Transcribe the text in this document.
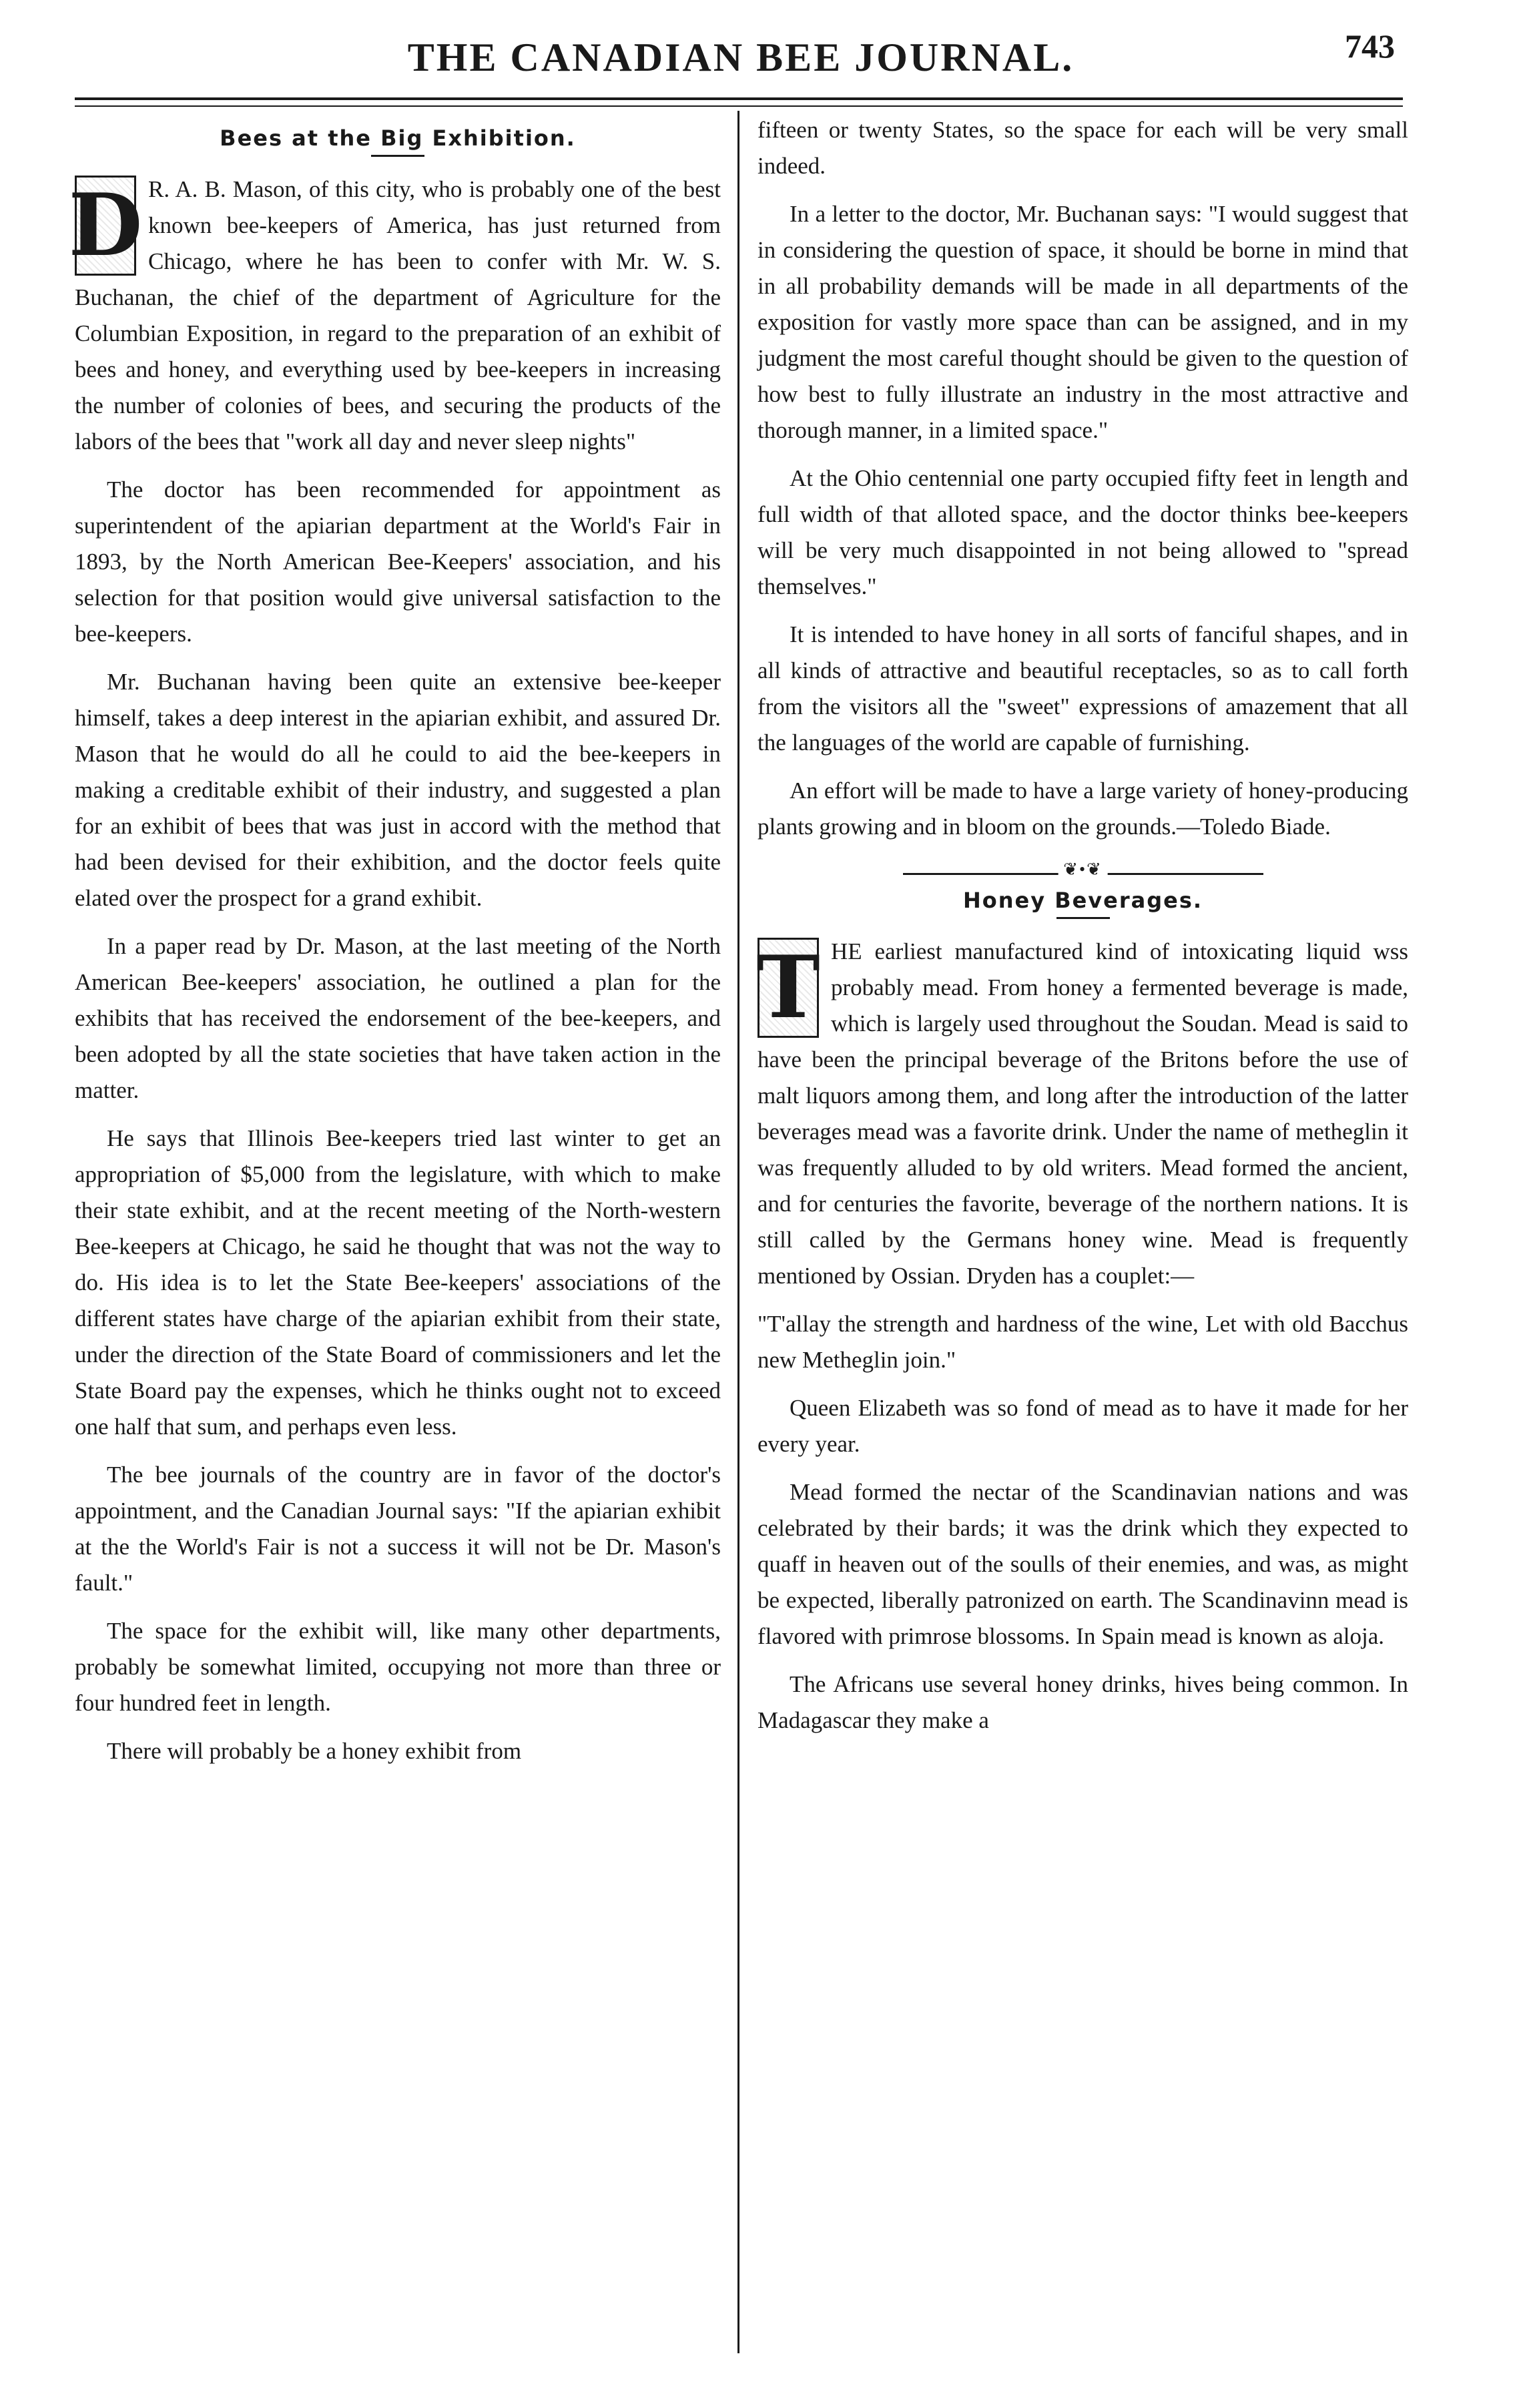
THE CANADIAN BEE JOURNAL.	743
Bees at the Big Exhibition.
D R. A. B. Mason, of this city, who is probably one of the best known bee-keepers of America, has just returned from Chicago, where he has been to confer with Mr. W. S. Buchanan, the chief of the department of Agriculture for the Columbian Exposition, in regard to the preparation of an exhibit of bees and honey, and everything used by bee-keepers in increasing the number of colonies of bees, and securing the products of the labors of the bees that "work all day and never sleep nights"

The doctor has been recommended for appointment as superintendent of the apiarian department at the World's Fair in 1893, by the North American Bee-Keepers' association, and his selection for that position would give universal satisfaction to the bee-keepers.

Mr. Buchanan having been quite an extensive bee-keeper himself, takes a deep interest in the apiarian exhibit, and assured Dr. Mason that he would do all he could to aid the bee-keepers in making a creditable exhibit of their industry, and suggested a plan for an exhibit of bees that was just in accord with the method that had been devised for their exhibition, and the doctor feels quite elated over the prospect for a grand exhibit.

In a paper read by Dr. Mason, at the last meeting of the North American Bee-keepers' association, he outlined a plan for the exhibits that has received the endorsement of the bee-keepers, and been adopted by all the state societies that have taken action in the matter.

He says that Illinois Bee-keepers tried last winter to get an appropriation of $5,000 from the legislature, with which to make their state exhibit, and at the recent meeting of the North-western Bee-keepers at Chicago, he said he thought that was not the way to do. His idea is to let the State Bee-keepers' associations of the different states have charge of the apiarian exhibit from their state, under the direction of the State Board of commissioners and let the State Board pay the expenses, which he thinks ought not to exceed one half that sum, and perhaps even less.

The bee journals of the country are in favor of the doctor's appointment, and the Canadian Journal says: "If the apiarian exhibit at the the World's Fair is not a success it will not be Dr. Mason's fault."

The space for the exhibit will, like many other departments, probably be somewhat limited, occupying not more than three or four hundred feet in length.

There will probably be a honey exhibit from

fifteen or twenty States, so the space for each will be very small indeed.

In a letter to the doctor, Mr. Buchanan says: "I would suggest that in considering the question of space, it should be borne in mind that in all probability demands will be made in all departments of the exposition for vastly more space than can be assigned, and in my judgment the most careful thought should be given to the question of how best to fully illustrate an industry in the most attractive and thorough manner, in a limited space."

At the Ohio centennial one party occupied fifty feet in length and full width of that alloted space, and the doctor thinks bee-keepers will be very much disappointed in not being allowed to "spread themselves."

It is intended to have honey in all sorts of fanciful shapes, and in all kinds of attractive and beautiful receptacles, so as to call forth from the visitors all the "sweet" expressions of amazement that all the languages of the world are capable of furnishing.

An effort will be made to have a large variety of honey-producing plants growing and in bloom on the grounds.—Toledo Biade.

❦•❦
Honey Beverages.
T HE earliest manufactured kind of intoxicating liquid wss probably mead. From honey a fermented beverage is made, which is largely used throughout the Soudan. Mead is said to have been the principal beverage of the Britons before the use of malt liquors among them, and long after the introduction of the latter beverages mead was a favorite drink. Under the name of metheglin it was frequently alluded to by old writers. Mead formed the ancient, and for centuries the favorite, beverage of the northern nations. It is still called by the Germans honey wine. Mead is frequently mentioned by Ossian. Dryden has a couplet:—

"T'allay the strength and hardness of the wine, Let with old Bacchus new Metheglin join."

Queen Elizabeth was so fond of mead as to have it made for her every year.

Mead formed the nectar of the Scandinavian nations and was celebrated by their bards; it was the drink which they expected to quaff in heaven out of the soulls of their enemies, and was, as might be expected, liberally patronized on earth. The Scandinavinn mead is flavored with primrose blossoms. In Spain mead is known as aloja.

The Africans use several honey drinks, hives being common. In Madagascar they make a
